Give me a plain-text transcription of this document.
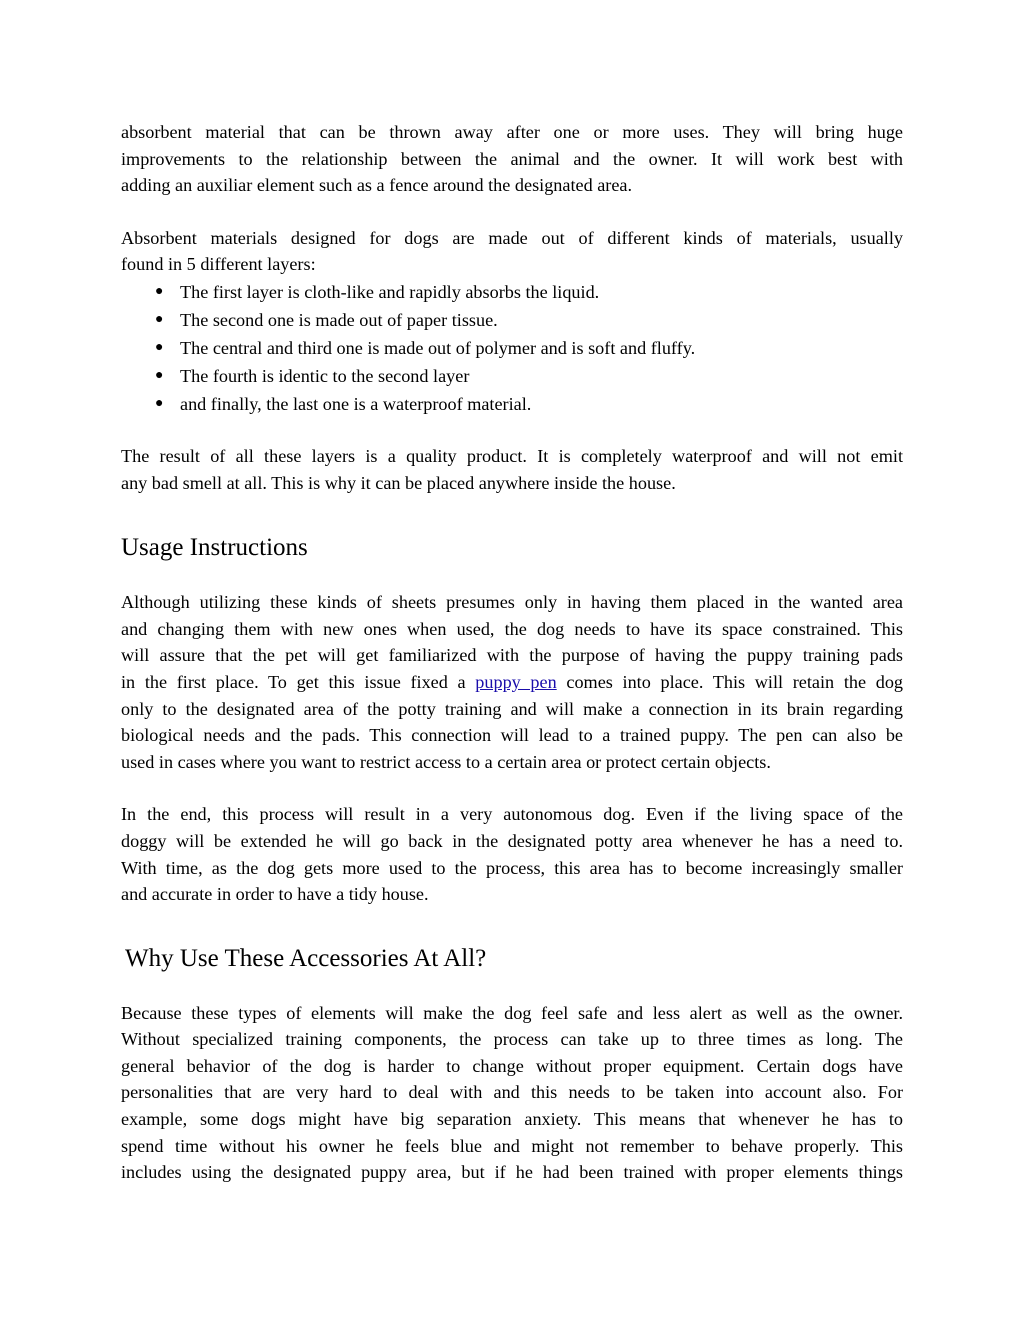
absorbent material that can be thrown away after one or more uses. They will bring huge
improvements to the relationship between the animal and the owner. It will work best with
adding an auxiliar element such as a fence around the designated area.

Absorbent materials designed for dogs are made out of different kinds of materials, usually
found in 5 different layers:

● The first layer is cloth-like and rapidly absorbs the liquid.
● The second one is made out of paper tissue.
● The central and third one is made out of polymer and is soft and fluffy.
● The fourth is identic to the second layer
● and finally, the last one is a waterproof material.

The result of all these layers is a quality product. It is completely waterproof and will not emit
any bad smell at all. This is why it can be placed anywhere inside the house.

Usage Instructions

Although utilizing these kinds of sheets presumes only in having them placed in the wanted area
and changing them with new ones when used, the dog needs to have its space constrained. This
will assure that the pet will get familiarized with the purpose of having the puppy training pads
in the first place. To get this issue fixed a puppy pen comes into place. This will retain the dog
only to the designated area of the potty training and will make a connection in its brain regarding
biological needs and the pads. This connection will lead to a trained puppy. The pen can also be
used in cases where you want to restrict access to a certain area or protect certain objects.

In the end, this process will result in a very autonomous dog. Even if the living space of the
doggy will be extended he will go back in the designated potty area whenever he has a need to.
With time, as the dog gets more used to the process, this area has to become increasingly smaller
and accurate in order to have a tidy house.

Why Use These Accessories At All?

Because these types of elements will make the dog feel safe and less alert as well as the owner.
Without specialized training components, the process can take up to three times as long. The
general behavior of the dog is harder to change without proper equipment. Certain dogs have
personalities that are very hard to deal with and this needs to be taken into account also. For
example, some dogs might have big separation anxiety. This means that whenever he has to
spend time without his owner he feels blue and might not remember to behave properly. This
includes using the designated puppy area, but if he had been trained with proper elements things
